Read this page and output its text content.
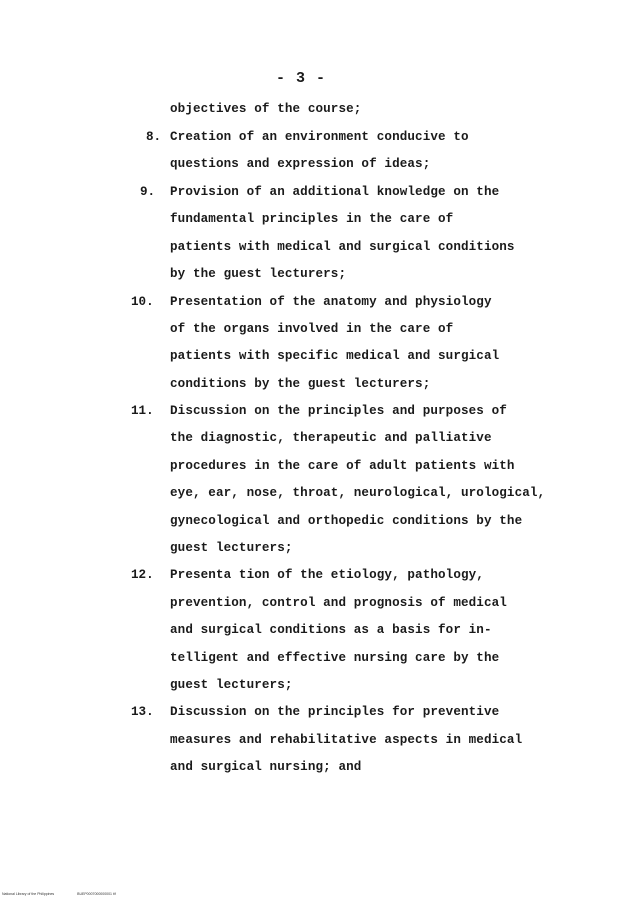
- 3 -
objectives of the course;
8. Creation of an environment conducive to
questions and expression of ideas;
9. Provision of an additional knowledge on the
fundamental principles in the care of
patients with medical and surgical conditions
by the guest lecturers;
10. Presentation of the anatomy and physiology
of the organs involved in the care of
patients with specific medical and surgical
conditions by the guest lecturers;
11. Discussion on the principles and purposes of
the diagnostic, therapeutic and palliative
procedures in the care of adult patients with
eye, ear, nose, throat, neurological, urological,
gynecological and orthopedic conditions by the
guest lecturers;
12. Presenta tion of the etiology, pathology,
prevention, control and prognosis of medical
and surgical conditions as a basis for in-
telligent and effective nursing care by the
guest lecturers;
13. Discussion on the principles for preventive
measures and rehabilitative aspects in medical
and surgical nursing; and
National Library of the Philippines	BUEP0007000000001 tif
